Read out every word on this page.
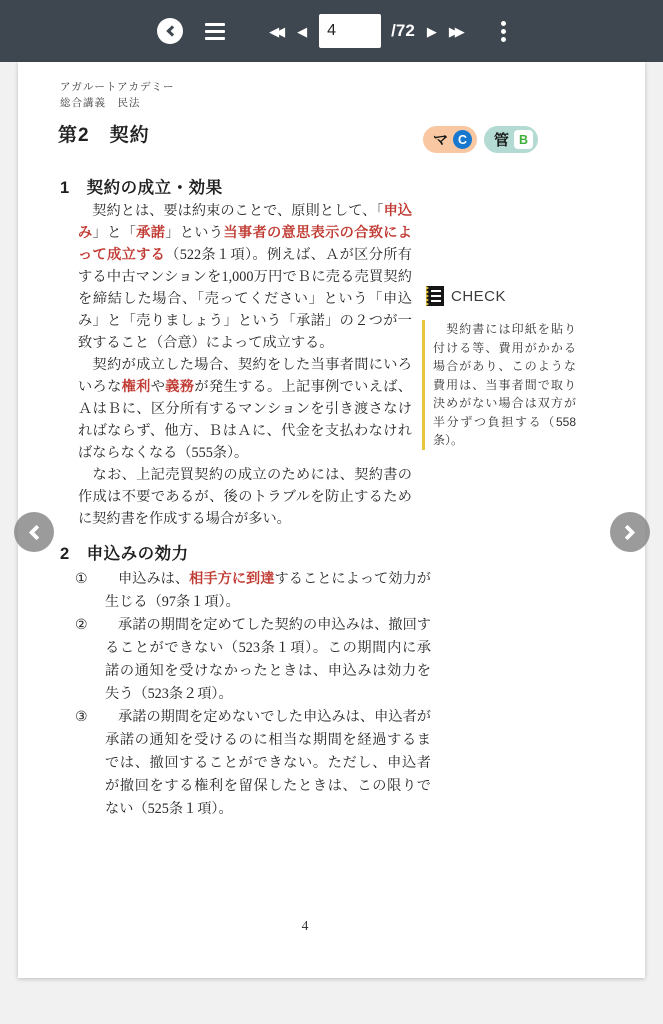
◀◀	◀
4	/72 ▶ ▶▶
アガルートアカデミー
総合講義　民法
第2　契約	マ C	管 B
1　契約の成立・効果

　契約とは、要は約束のことで、原則として、「申込み」と「承諾」という当事者の意思表示の合致によって成立する（522条１項）。例えば、Ａが区分所有する中古マンションを1,000万円でＢに売る売買契約を締結した場合、「売ってください」という「申込み」と「売りましょう」という「承諾」の２つが一致すること（合意）によって成立する。

　契約が成立した場合、契約をした当事者間にいろいろな権利や義務が発生する。上記事例でいえば、ＡはＢに、区分所有するマンションを引き渡さなければならず、他方、ＢはＡに、代金を支払わなければならなくなる（555条）。

　なお、上記売買契約の成立のためには、契約書の作成は不要であるが、後のトラブルを防止するために契約書を作成する場合が多い。

CHECK
　契約書には印紙を貼り付ける等、費用がかかる場合があり、このような費用は、当事者間で取り決めがない場合は双方が半分ずつ負担する（558条）。
2　申込みの効力
① 申込みは、相手方に到達することによって効力が生じる（97条１項）。
② 承諾の期間を定めてした契約の申込みは、撤回することができない（523条１項）。この期間内に承諾の通知を受けなかったときは、申込みは効力を失う（523条２項）。
③ 承諾の期間を定めないでした申込みは、申込者が承諾の通知を受けるのに相当な期間を経過するまでは、撤回することができない。ただし、申込者が撤回をする権利を留保したときは、この限りでない（525条１項）。
4
